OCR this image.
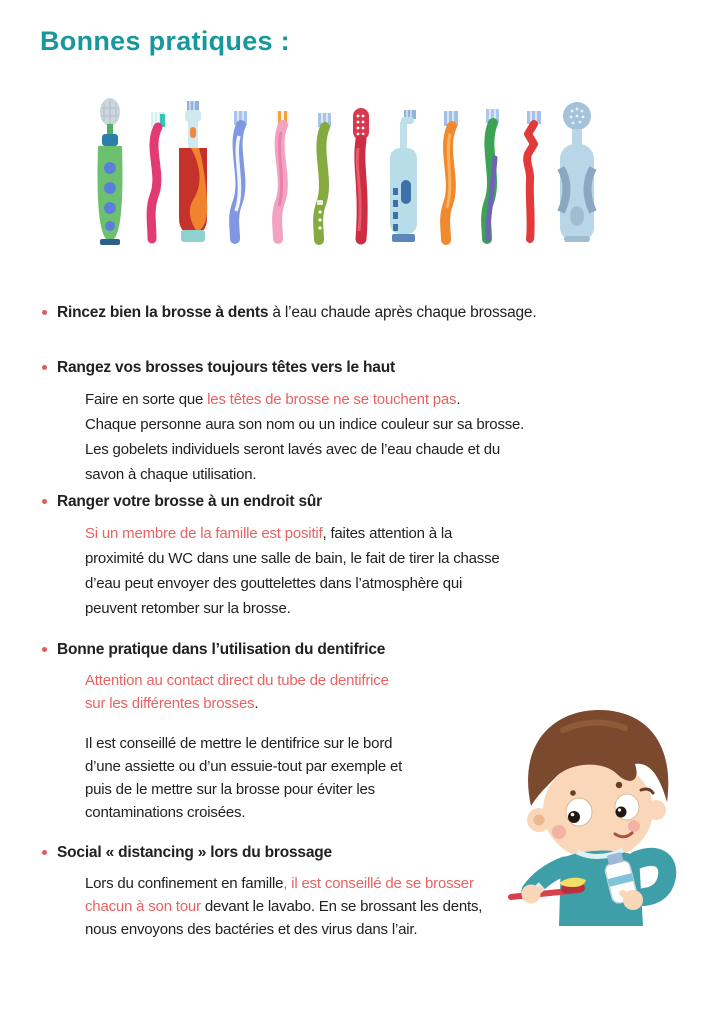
Bonnes pratiques :
Rincez bien la brosse à dents à l’eau chaude après chaque brossage.
Rangez vos brosses toujours têtes vers le haut
Faire en sorte que les têtes de brosse ne se touchent pas.
Chaque personne aura son nom ou un indice couleur sur sa brosse.
Les gobelets individuels seront lavés avec de l’eau chaude et du
savon à chaque utilisation.
Ranger votre brosse à un endroit sûr
Si un membre de la famille est positif, faites attention à la
proximité du WC dans une salle de bain, le fait de tirer la chasse
d’eau peut envoyer des gouttelettes dans l’atmosphère qui
peuvent retomber sur la brosse.
Bonne pratique dans l’utilisation du dentifrice
Attention au contact direct du tube de dentifrice
sur les différentes brosses.
Il est conseillé de mettre le dentifrice sur le bord
d’une assiette ou d’un essuie-tout par exemple et
puis de le mettre sur la brosse pour éviter les
contaminations croisées.
Social « distancing » lors du brossage
Lors du confinement en famille, il est conseillé de se brosser
chacun à son tour devant le lavabo. En se brossant les dents,
nous envoyons des bactéries et des virus dans l’air.
